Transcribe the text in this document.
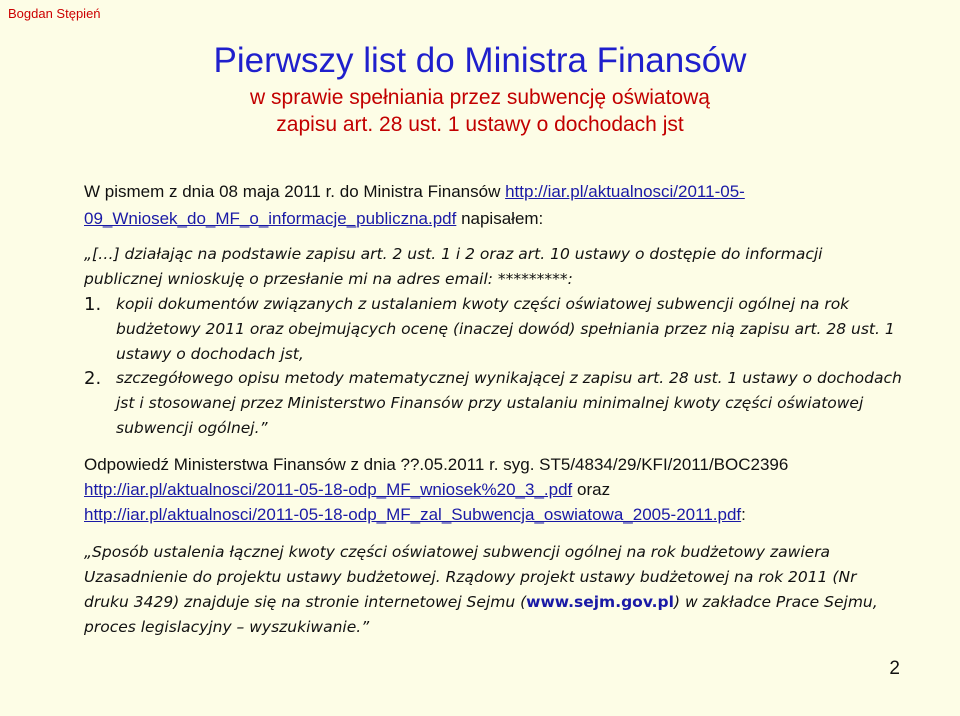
Bogdan Stępień
Pierwszy list do Ministra Finansów
w sprawie spełniania przez subwencję oświatową
zapisu art. 28 ust. 1 ustawy o dochodach jst
W pismem z dnia 08 maja 2011 r. do Ministra Finansów http://iar.pl/aktualnosci/2011-05-
09_Wniosek_do_MF_o_informacje_publiczna.pdf napisałem:
„[…] działając na podstawie zapisu art. 2 ust. 1 i 2 oraz art. 10 ustawy o dostępie do informacji publicznej wnioskuję o przesłanie mi na adres email: *********:
1. kopii dokumentów związanych z ustalaniem kwoty części oświatowej subwencji ogólnej na rok budżetowy 2011 oraz obejmujących ocenę (inaczej dowód) spełniania przez nią zapisu art. 28 ust. 1 ustawy o dochodach jst,
2. szczegółowego opisu metody matematycznej wynikającej z zapisu art. 28 ust. 1 ustawy o dochodach jst i stosowanej przez Ministerstwo Finansów przy ustalaniu minimalnej kwoty części oświatowej subwencji ogólnej.”
Odpowiedź Ministerstwa Finansów z dnia ??.05.2011 r. syg. ST5/4834/29/KFI/2011/BOC2396
http://iar.pl/aktualnosci/2011-05-18-odp_MF_wniosek%20_3_.pdf oraz
http://iar.pl/aktualnosci/2011-05-18-odp_MF_zal_Subwencja_oswiatowa_2005-2011.pdf:
„Sposób ustalenia łącznej kwoty części oświatowej subwencji ogólnej na rok budżetowy zawiera Uzasadnienie do projektu ustawy budżetowej. Rządowy projekt ustawy budżetowej na rok 2011 (Nr druku 3429) znajduje się na stronie internetowej Sejmu (www.sejm.gov.pl) w zakładce Prace Sejmu, proces legislacyjny – wyszukiwanie.”
2
